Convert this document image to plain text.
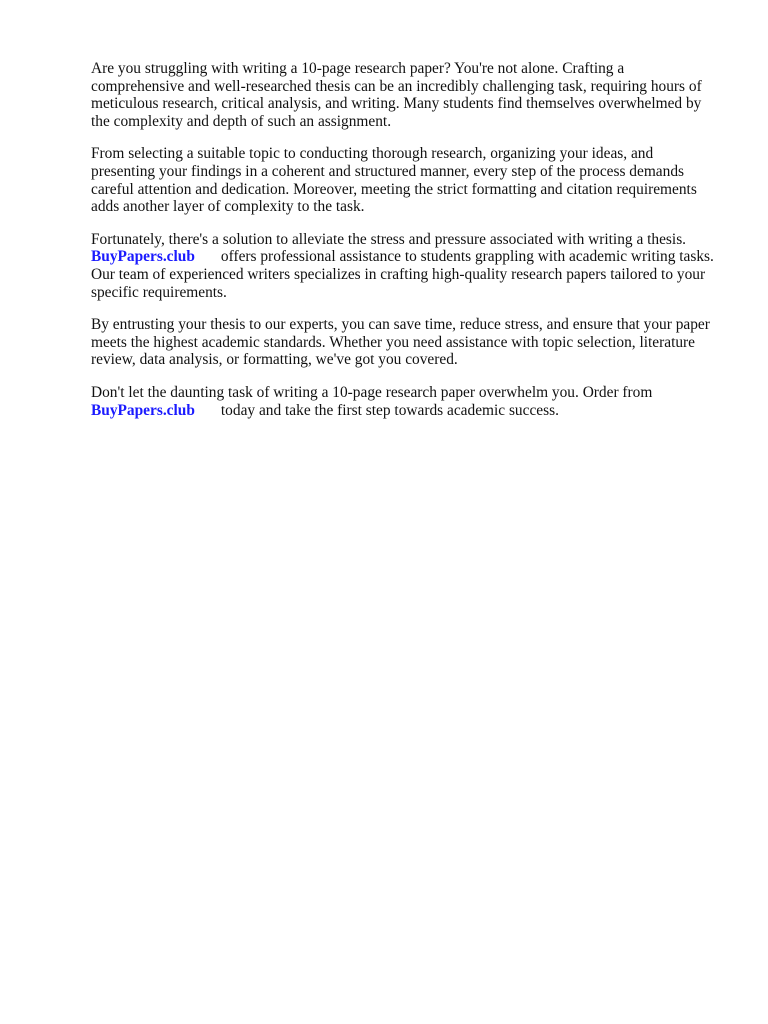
Are you struggling with writing a 10-page research paper? You're not alone. Crafting a
comprehensive and well-researched thesis can be an incredibly challenging task, requiring hours of
meticulous research, critical analysis, and writing. Many students find themselves overwhelmed by
the complexity and depth of such an assignment.

From selecting a suitable topic to conducting thorough research, organizing your ideas, and
presenting your findings in a coherent and structured manner, every step of the process demands
careful attention and dedication. Moreover, meeting the strict formatting and citation requirements
adds another layer of complexity to the task.

Fortunately, there's a solution to alleviate the stress and pressure associated with writing a thesis.
BuyPapers.club offers professional assistance to students grappling with academic writing tasks.
Our team of experienced writers specializes in crafting high-quality research papers tailored to your
specific requirements.

By entrusting your thesis to our experts, you can save time, reduce stress, and ensure that your paper
meets the highest academic standards. Whether you need assistance with topic selection, literature
review, data analysis, or formatting, we've got you covered.

Don't let the daunting task of writing a 10-page research paper overwhelm you. Order from
BuyPapers.club today and take the first step towards academic success.
